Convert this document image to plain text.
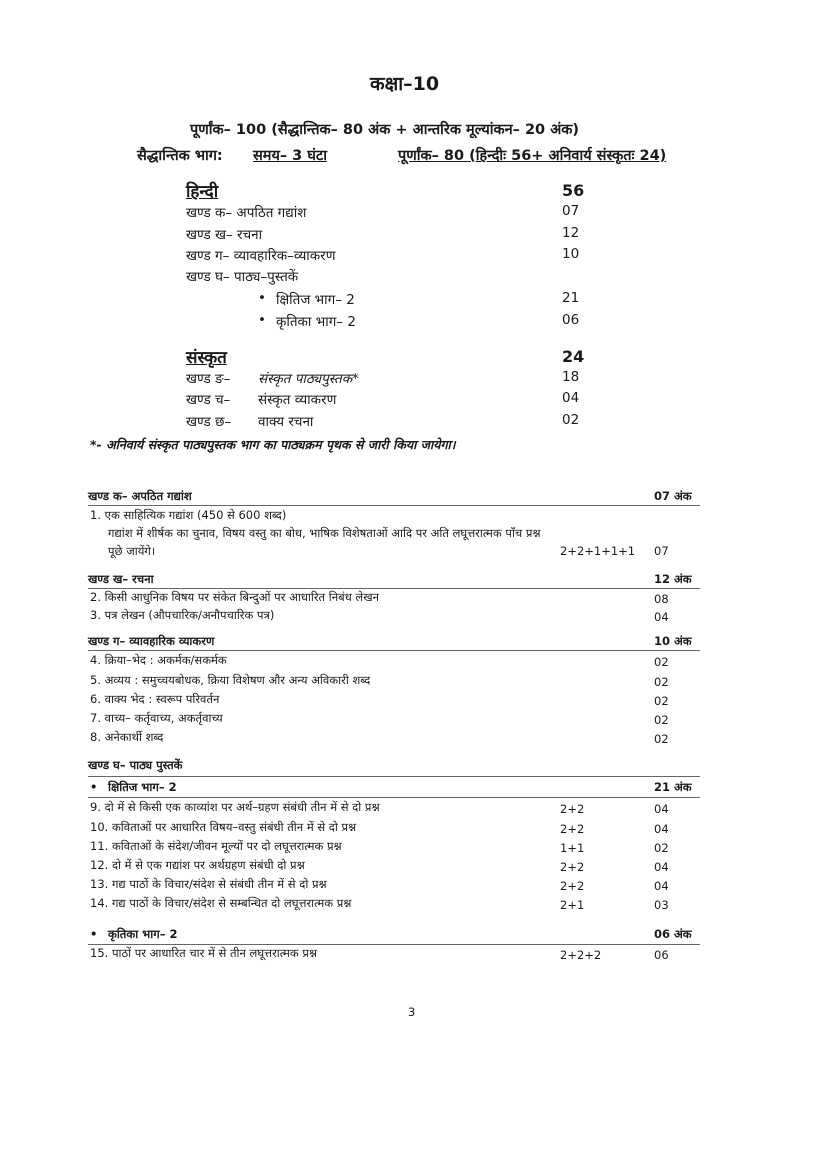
कक्षा–10
पूर्णांक– 100 (सैद्धान्तिक– 80 अंक + आन्तरिक मूल्यांकन– 20 अंक)
सैद्धान्तिक भाग: समय– 3 घंटा	पूर्णांक– 80 (हिन्दीः 56+ अनिवार्य संस्कृतः 24)
हिन्दी	56
खण्ड क– अपठित गद्यांश	07
खण्ड ख– रचना	12
खण्ड ग– व्यावहारिक–व्याकरण	10
खण्ड घ– पाठ्य–पुस्तकें
• क्षितिज भाग– 2	21
• कृतिका भाग– 2	06
संस्कृत	24
खण्ड ङ– संस्कृत पाठ्यपुस्तक*	18
खण्ड च– संस्कृत व्याकरण	04
खण्ड छ– वाक्य रचना	02
*- अनिवार्य संस्कृत पाठ्यपुस्तक भाग का पाठ्यक्रम पृथक से जारी किया जायेगा।
खण्ड क– अपठित गद्यांश	07 अंक
1. एक साहित्यिक गद्यांश (450 से 600 शब्द)
गद्यांश में शीर्षक का चुनाव, विषय वस्तु का बोध, भाषिक विशेषताओं आदि पर अति लघूत्तरात्मक पाँच प्रश्न
पूछे जायेंगे।	2+2+1+1+1 07
खण्ड ख– रचना	12 अंक
2. किसी आधुनिक विषय पर संकेत बिन्दुओं पर आधारित निबंध लेखन	08
3. पत्र लेखन (औपचारिक/अनौपचारिक पत्र)	04
खण्ड ग– व्यावहारिक व्याकरण	10 अंक
4. क्रिया–भेद : अकर्मक/सकर्मक	02
5. अव्यय : समुच्चयबोधक, क्रिया विशेषण और अन्य अविकारी शब्द	02
6. वाक्य भेद : स्वरूप परिवर्तन	02
7. वाच्य– कर्तृवाच्य, अकर्तृवाच्य	02
8. अनेकार्थी शब्द	02
खण्ड घ– पाठ्य पुस्तकें
• क्षितिज भाग– 2	21 अंक
9. दो में से किसी एक काव्यांश पर अर्थ–ग्रहण संबंधी तीन में से दो प्रश्न	2+2	04
10. कविताओं पर आधारित विषय–वस्तु संबंधी तीन में से दो प्रश्न	2+2	04
11. कविताओं के संदेश/जीवन मूल्यों पर दो लघूत्तरात्मक प्रश्न	1+1	02
12. दो में से एक गद्यांश पर अर्थग्रहण संबंधी दो प्रश्न	2+2	04
13. गद्य पाठों के विचार/संदेश से संबंधी तीन में से दो प्रश्न	2+2	04
14. गद्य पाठों के विचार/संदेश से सम्बन्धित दो लघूत्तरात्मक प्रश्न	2+1	03
• कृतिका भाग– 2	06 अंक
15. पाठों पर आधारित चार में से तीन लघूत्तरात्मक प्रश्न	2+2+2	06
3
